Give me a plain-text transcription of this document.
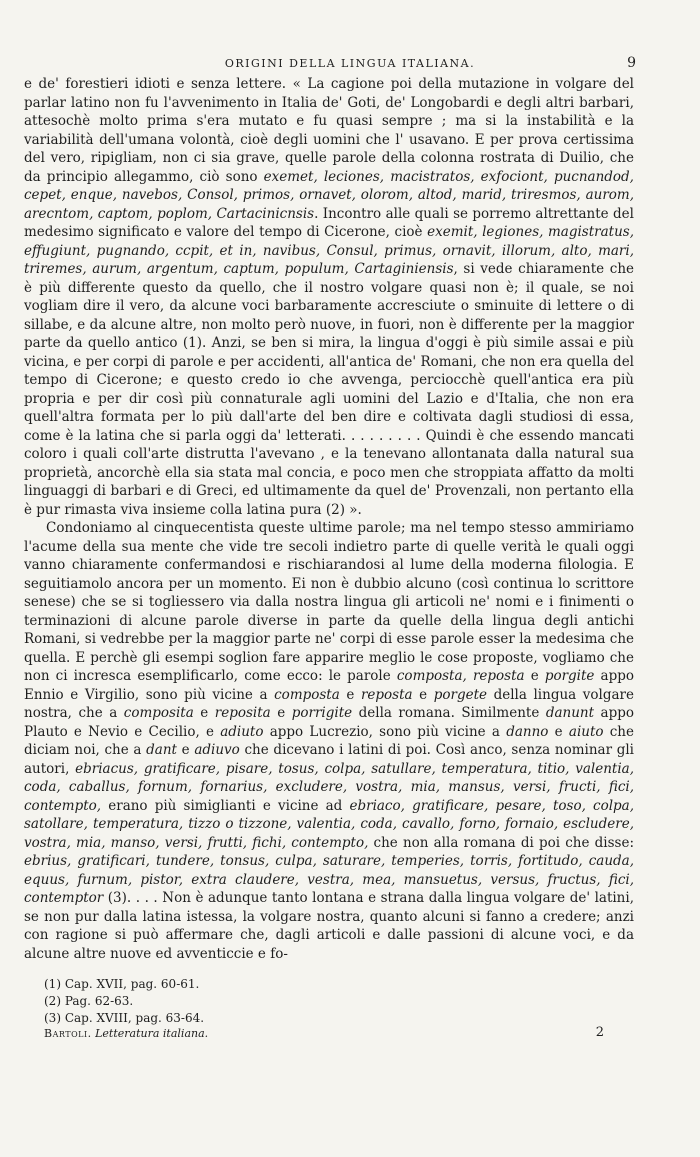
ORIGINI DELLA LINGUA ITALIANA.	9

e de' forestieri idioti e senza lettere. « La cagione poi della mutazione in volgare del parlar latino non fu l'avvenimento in Italia de' Goti, de' Longobardi e degli altri barbari, attesochè molto prima s'era mutato e fu quasi sempre ; ma si la instabilità e la variabilità dell'umana volontà, cioè degli uomini che l' usavano. E per prova certissima del vero, ripigliam, non ci sia grave, quelle parole della colonna rostrata di Duilio, che da principio allegammo, ciò sono exemet, leciones, macistratos, exfociont, pucnandod, cepet, enque, navebos, Consol, primos, ornavet, olorom, altod, marid, triresmos, aurom, arecntom, captom, poplom, Cartacinicnsis. Incontro alle quali se porremo altrettante del medesimo significato e valore del tempo di Cicerone, cioè exemit, legiones, magistratus, effugiunt, pugnando, ccpit, et in, navibus, Consul, primus, ornavit, illorum, alto, mari, triremes, aurum, argentum, captum, populum, Cartaginiensis, si vede chiaramente che è più differente questo da quello, che il nostro volgare quasi non è; il quale, se noi vogliam dire il vero, da alcune voci barbaramente accresciute o sminuite di lettere o di sillabe, e da alcune altre, non molto però nuove, in fuori, non è differente per la maggior parte da quello antico (1). Anzi, se ben si mira, la lingua d'oggi è più simile assai e più vicina, e per corpi di parole e per accidenti, all'antica de' Romani, che non era quella del tempo di Cicerone; e questo credo io che avvenga, perciocchè quell'antica era più propria e per dir così più connaturale agli uomini del Lazio e d'Italia, che non era quell'altra formata per lo più dall'arte del ben dire e coltivata dagli studiosi di essa, come è la latina che si parla oggi da' letterati. . . . . . . . . Quindi è che essendo mancati coloro i quali coll'arte distrutta l'avevano , e la tenevano allontanata dalla natural sua proprietà, ancorchè ella sia stata mal concia, e poco men che stroppiata affatto da molti linguaggi di barbari e di Greci, ed ultimamente da quel de' Provenzali, non pertanto ella è pur rimasta viva insieme colla latina pura (2) ».

Condoniamo al cinquecentista queste ultime parole; ma nel tempo stesso ammiriamo l'acume della sua mente che vide tre secoli indietro parte di quelle verità le quali oggi vanno chiaramente confermandosi e rischiarandosi al lume della moderna filologia. E seguitiamolo ancora per un momento. Ei non è dubbio alcuno (così continua lo scrittore senese) che se si togliessero via dalla nostra lingua gli articoli ne' nomi e i finimenti o terminazioni di alcune parole diverse in parte da quelle della lingua degli antichi Romani, si vedrebbe per la maggior parte ne' corpi di esse parole esser la medesima che quella. E perchè gli esempi soglion fare apparire meglio le cose proposte, vogliamo che non ci incresca esemplificarlo, come ecco: le parole composta, reposta e porgite appo Ennio e Virgilio, sono più vicine a composta e reposta e porgete della lingua volgare nostra, che a composita e reposita e porrigite della romana. Similmente danunt appo Plauto e Nevio e Cecilio, e adiuto appo Lucrezio, sono più vicine a danno e aiuto che diciam noi, che a dant e adiuvo che dicevano i latini di poi. Così anco, senza nominar gli autori, ebriacus, gratificare, pisare, tosus, colpa, satullare, temperatura, titio, valentia, coda, caballus, fornum, fornarius, excludere, vostra, mia, mansus, versi, fructi, fici, contempto, erano più simiglianti e vicine ad ebriaco, gratificare, pesare, toso, colpa, satollare, temperatura, tizzo o tizzone, valentia, coda, cavallo, forno, fornaio, escludere, vostra, mia, manso, versi, frutti, fichi, contempto, che non alla romana di poi che disse: ebrius, gratificari, tundere, tonsus, culpa, saturare, temperies, torris, fortitudo, cauda, equus, furnum, pistor, extra claudere, vestra, mea, mansuetus, versus, fructus, fici, contemptor (3). . . . Non è adunque tanto lontana e strana dalla lingua volgare de' latini, se non pur dalla latina istessa, la volgare nostra, quanto alcuni si fanno a credere; anzi con ragione si può affermare che, dagli articoli e dalle passioni di alcune voci, e da alcune altre nuove ed avventiccie e fo-

(1) Cap. XVII, pag. 60-61.
(2) Pag. 62-63.
(3) Cap. XVIII, pag. 63-64.
Bartoli. Letteratura italiana.	2
